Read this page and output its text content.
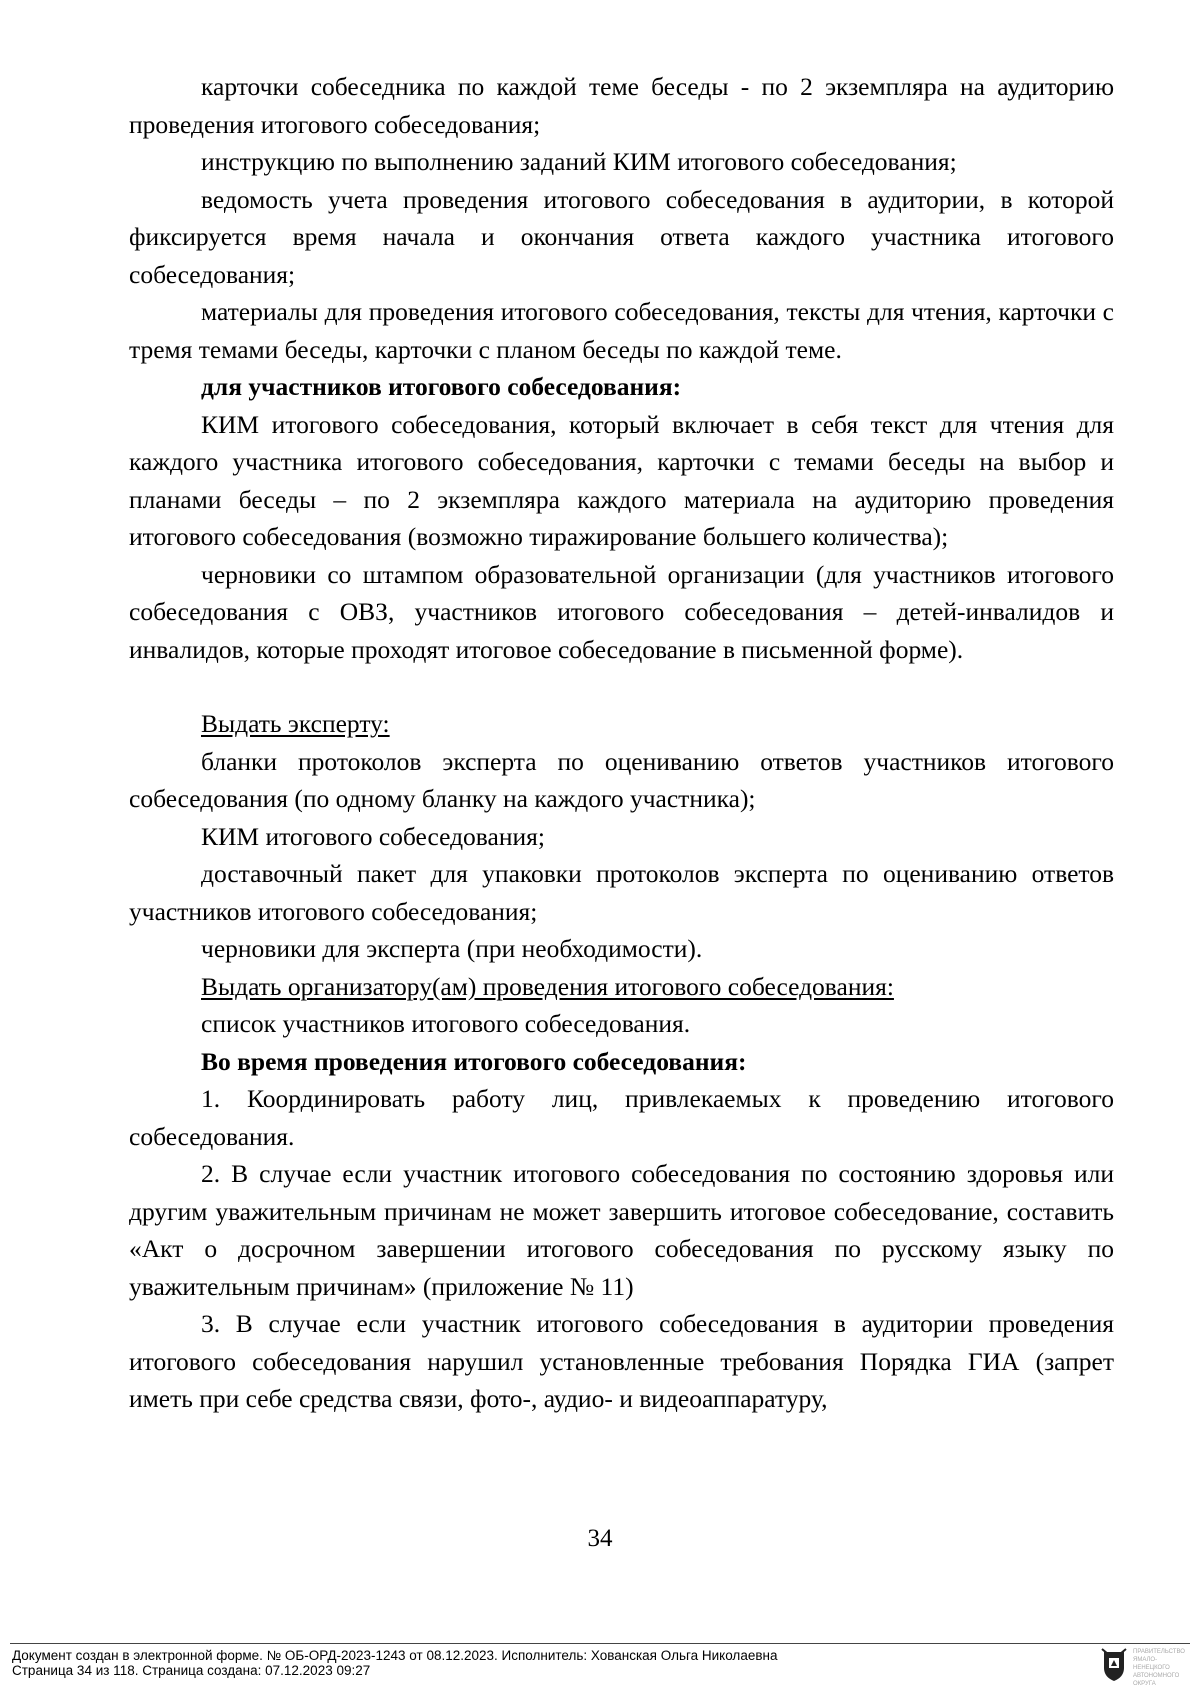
карточки собеседника по каждой теме беседы - по 2 экземпляра на аудиторию проведения итогового собеседования;

инструкцию по выполнению заданий КИМ итогового собеседования;

ведомость учета проведения итогового собеседования в аудитории, в которой фиксируется время начала и окончания ответа каждого участника итогового собеседования;

материалы для проведения итогового собеседования, тексты для чтения, карточки с тремя темами беседы, карточки с планом беседы по каждой теме.

для участников итогового собеседования:

КИМ итогового собеседования, который включает в себя текст для чтения для каждого участника итогового собеседования, карточки с темами беседы на выбор и планами беседы – по 2 экземпляра каждого материала на аудиторию проведения итогового собеседования (возможно тиражирование большего количества);

черновики со штампом образовательной организации (для участников итогового собеседования с ОВЗ, участников итогового собеседования – детей-инвалидов и инвалидов, которые проходят итоговое собеседование в письменной форме).

Выдать эксперту:

бланки протоколов эксперта по оцениванию ответов участников итогового собеседования (по одному бланку на каждого участника);

КИМ итогового собеседования;

доставочный пакет для упаковки протоколов эксперта по оцениванию ответов участников итогового собеседования;

черновики для эксперта (при необходимости).

Выдать организатору(ам) проведения итогового собеседования:

список участников итогового собеседования.

Во время проведения итогового собеседования:

1. Координировать работу лиц, привлекаемых к проведению итогового собеседования.

2. В случае если участник итогового собеседования по состоянию здоровья или другим уважительным причинам не может завершить итоговое собеседование, составить «Акт о досрочном завершении итогового собеседования по русскому языку по уважительным причинам» (приложение № 11)

3. В случае если участник итогового собеседования в аудитории проведения итогового собеседования нарушил установленные требования Порядка ГИА (запрет иметь при себе средства связи, фото-, аудио- и видеоаппаратуру,

34
Документ создан в электронной форме. № ОБ-ОРД-2023-1243 от 08.12.2023. Исполнитель: Хованская Ольга Николаевна
Страница 34 из 118. Страница создана: 07.12.2023 09:27
ПРАВИТЕЛЬСТВО ЯМАЛО-НЕНЕЦКОГО АВТОНОМНОГО ОКРУГА
